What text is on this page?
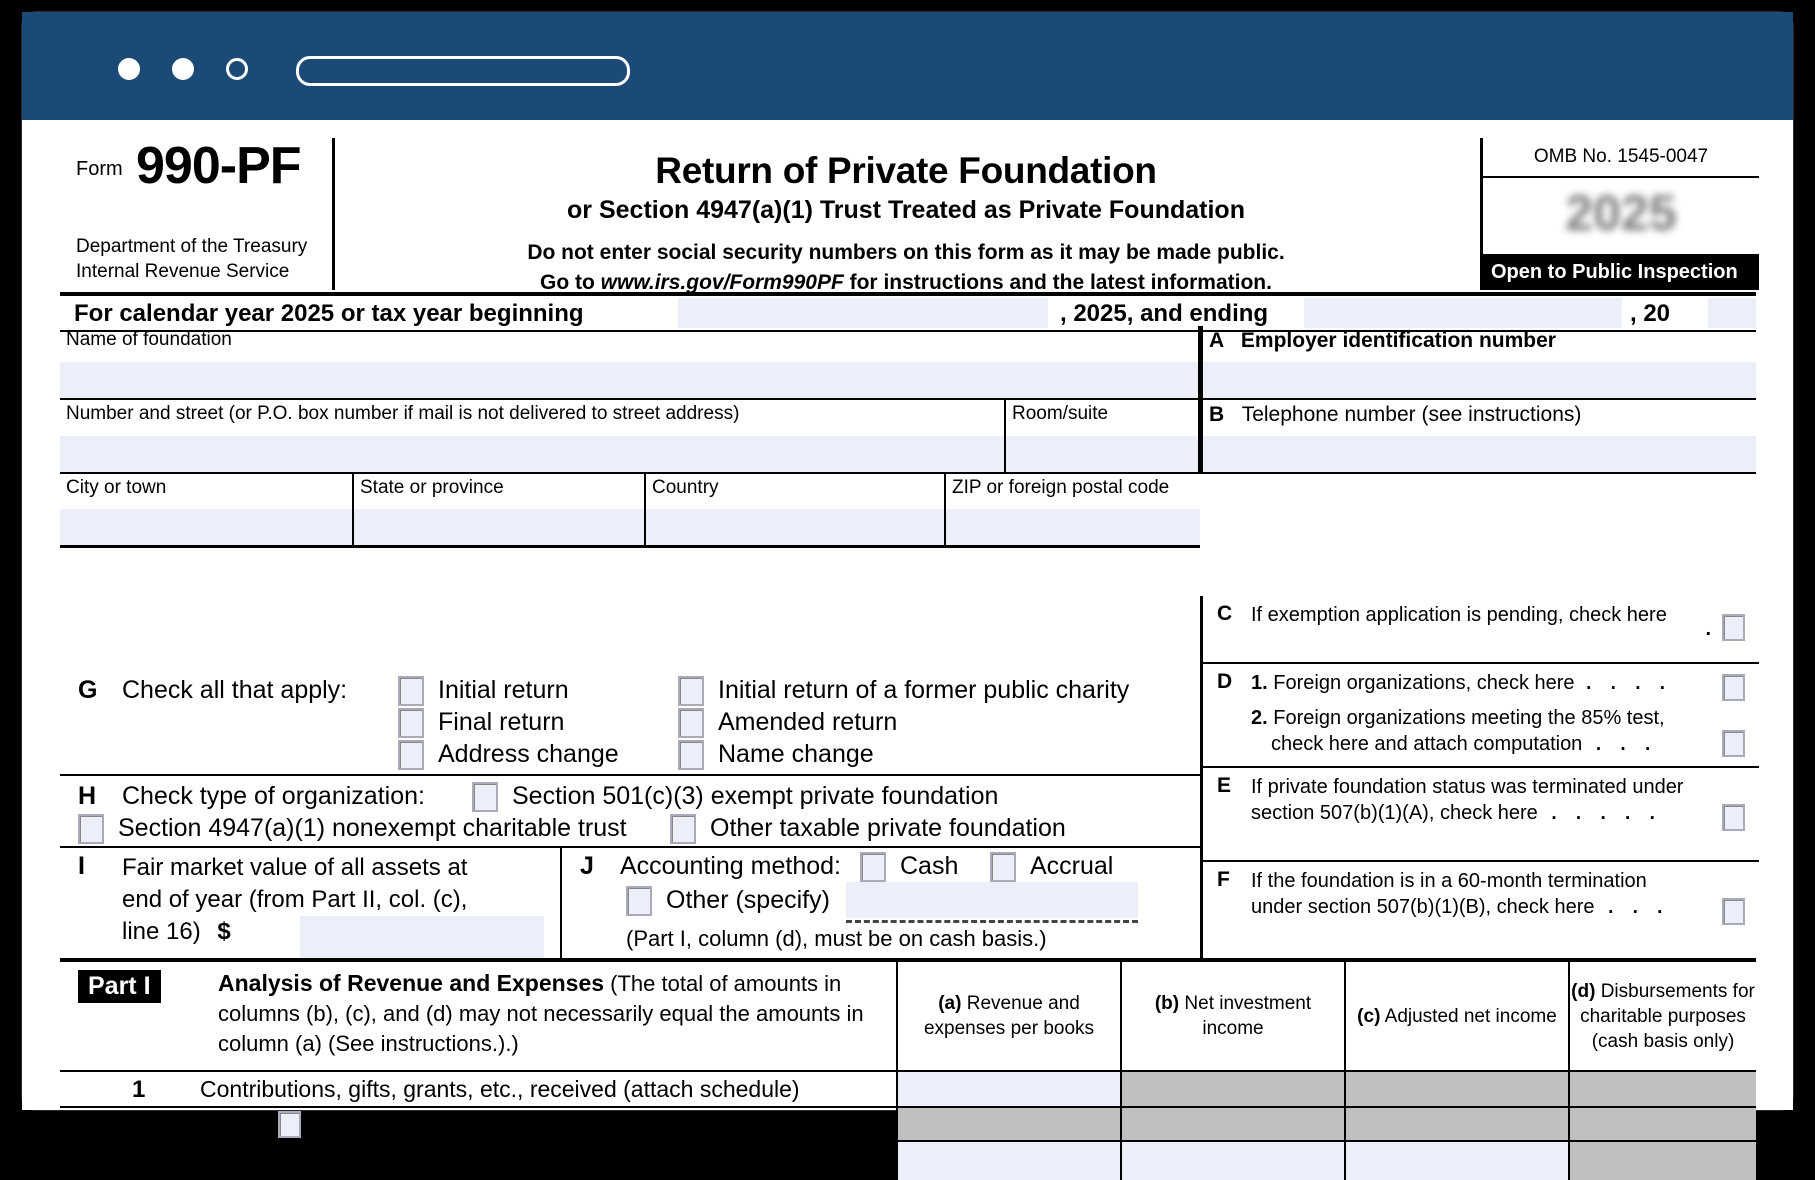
Form 990-PF
Department of the Treasury
Internal Revenue Service
Return of Private Foundation
or Section 4947(a)(1) Trust Treated as Private Foundation
Do not enter social security numbers on this form as it may be made public.
Go to www.irs.gov/Form990PF for instructions and the latest information.
OMB No. 1545-0047
2025
Open to Public Inspection
For calendar year 2025 or tax year beginning	, 2025, and ending	, 20
Name of foundation	A Employer identification number
Number and street (or P.O. box number if mail is not delivered to street address)	Room/suite	B Telephone number (see instructions)
City or town	State or province	Country	ZIP or foreign postal code
C If exemption application is pending, check here
.
D 1. Foreign organizations, check here . . . .
2. Foreign organizations meeting the 85% test,
check here and attach computation . . .
E If private foundation status was terminated under
section 507(b)(1)(A), check here . . . . .
F If the foundation is in a 60-month termination
under section 507(b)(1)(B), check here . . .
G Check all that apply:	Initial return
Final return
Address change
Initial return of a former public charity
Amended return
Name change
H Check type of organization:	Section 501(c)(3) exempt private foundation
Section 4947(a)(1) nonexempt charitable trust	Other taxable private foundation
I Fair market value of all assets at
end of year (from Part II, col. (c),
line 16) $
J Accounting method: Cash	Accrual
Other (specify)
(Part I, column (d), must be on cash basis.)
Part I	Analysis of Revenue and Expenses (The total of amounts in columns (b), (c), and (d) may not necessarily equal the amounts in column (a) (See instructions.).)
(a) Revenue and expenses per books
(b) Net investment income
(c) Adjusted net income
(d) Disbursements for charitable purposes (cash basis only)
1 Contributions, gifts, grants, etc., received (attach schedule)
2 Check if the foundation is not required to attach Sch. B
3 Interest on savings and temporary cash investments
